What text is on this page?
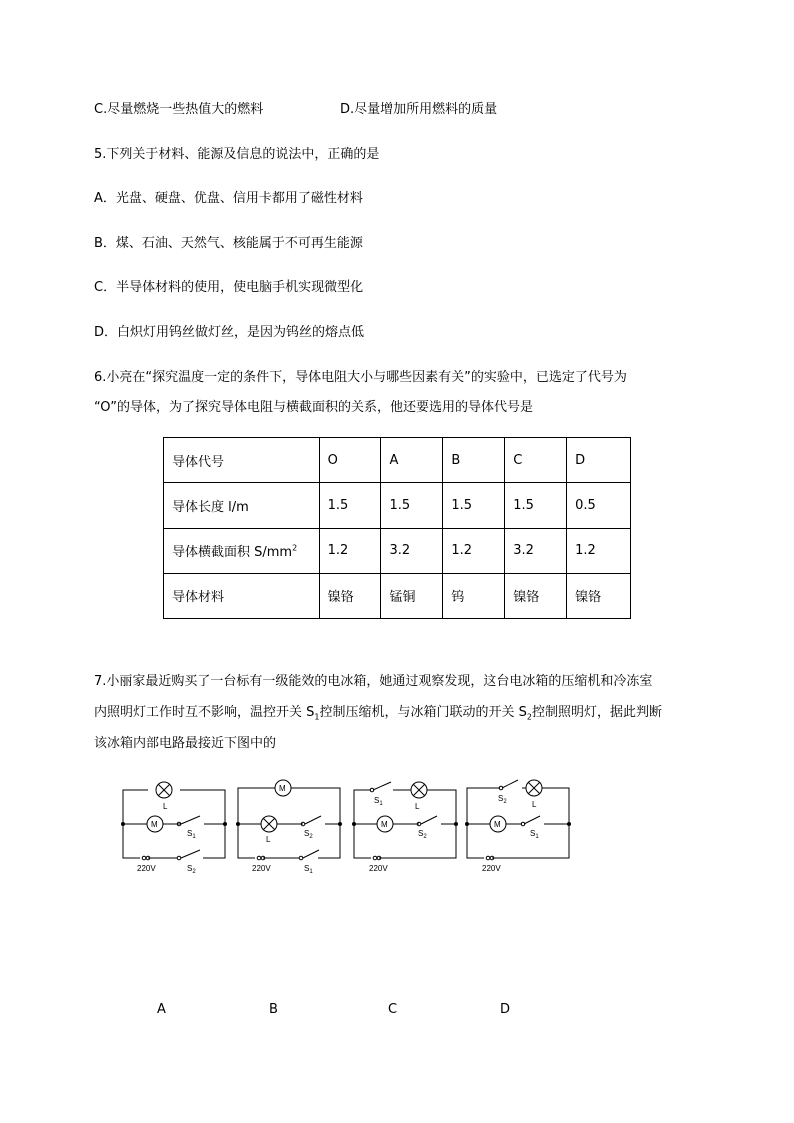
C.尽量燃烧一些热值大的燃料	D.尽量增加所用燃料的质量
5.下列关于材料、能源及信息的说法中，正确的是
A．光盘、硬盘、优盘、信用卡都用了磁性材料
B．煤、石油、天然气、核能属于不可再生能源
C．半导体材料的使用，使电脑手机实现微型化
D．白炽灯用钨丝做灯丝，是因为钨丝的熔点低
6.小亮在“探究温度一定的条件下，导体电阻大小与哪些因素有关”的实验中，已选定了代号为
“O”的导体，为了探究导体电阻与横截面积的关系，他还要选用的导体代号是
导体代号	O	A	B	C	D
导体长度 l/m	1.5	1.5	1.5	1.5	0.5
导体横截面积 $S/mm^2$	1.2	3.2	1.2	3.2	1.2
导体材料	镍铬	锰铜	钨	镍铬	镍铬
7.小丽家最近购买了一台标有一级能效的电冰箱，她通过观察发现，这台电冰箱的压缩机和冷冻室
内照明灯工作时互不影响，温控开关 $S_1$控制压缩机，与冰箱门联动的开关 $S_2$控制照明灯，据此判断
该冰箱内部电路最接近下图中的
M
L
$S_1$
$S_2$
220V
M
L
$S_2$
$S_1$
220V
M
L
$S_1$
$S_2$
220V
M
L
$S_2$
$S_1$
220V
A	B	C	D
